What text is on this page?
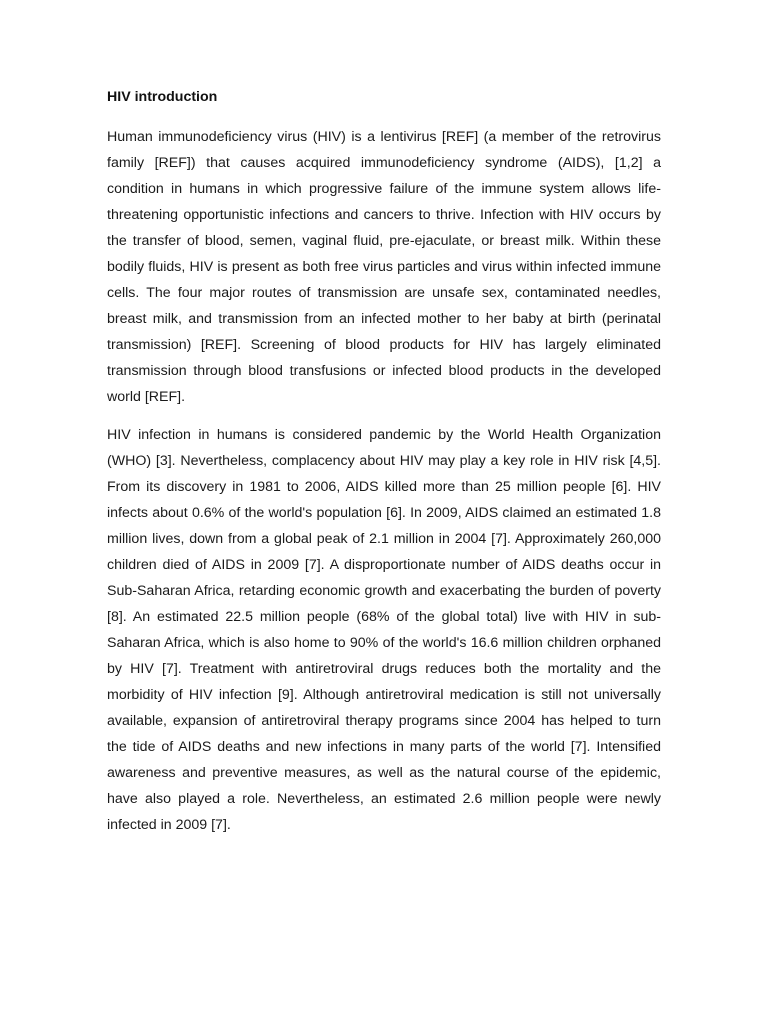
HIV introduction

Human immunodeficiency virus (HIV) is a lentivirus [REF] (a member of the retrovirus family [REF]) that causes acquired immunodeficiency syndrome (AIDS), [1,2] a condition in humans in which progressive failure of the immune system allows life-threatening opportunistic infections and cancers to thrive. Infection with HIV occurs by the transfer of blood, semen, vaginal fluid, pre-ejaculate, or breast milk. Within these bodily fluids, HIV is present as both free virus particles and virus within infected immune cells. The four major routes of transmission are unsafe sex, contaminated needles, breast milk, and transmission from an infected mother to her baby at birth (perinatal transmission) [REF]. Screening of blood products for HIV has largely eliminated transmission through blood transfusions or infected blood products in the developed world [REF].

HIV infection in humans is considered pandemic by the World Health Organization (WHO) [3]. Nevertheless, complacency about HIV may play a key role in HIV risk [4,5]. From its discovery in 1981 to 2006, AIDS killed more than 25 million people [6]. HIV infects about 0.6% of the world's population [6]. In 2009, AIDS claimed an estimated 1.8 million lives, down from a global peak of 2.1 million in 2004 [7]. Approximately 260,000 children died of AIDS in 2009 [7]. A disproportionate number of AIDS deaths occur in Sub-Saharan Africa, retarding economic growth and exacerbating the burden of poverty [8]. An estimated 22.5 million people (68% of the global total) live with HIV in sub-Saharan Africa, which is also home to 90% of the world's 16.6 million children orphaned by HIV [7]. Treatment with antiretroviral drugs reduces both the mortality and the morbidity of HIV infection [9]. Although antiretroviral medication is still not universally available, expansion of antiretroviral therapy programs since 2004 has helped to turn the tide of AIDS deaths and new infections in many parts of the world [7]. Intensified awareness and preventive measures, as well as the natural course of the epidemic, have also played a role. Nevertheless, an estimated 2.6 million people were newly infected in 2009 [7].
